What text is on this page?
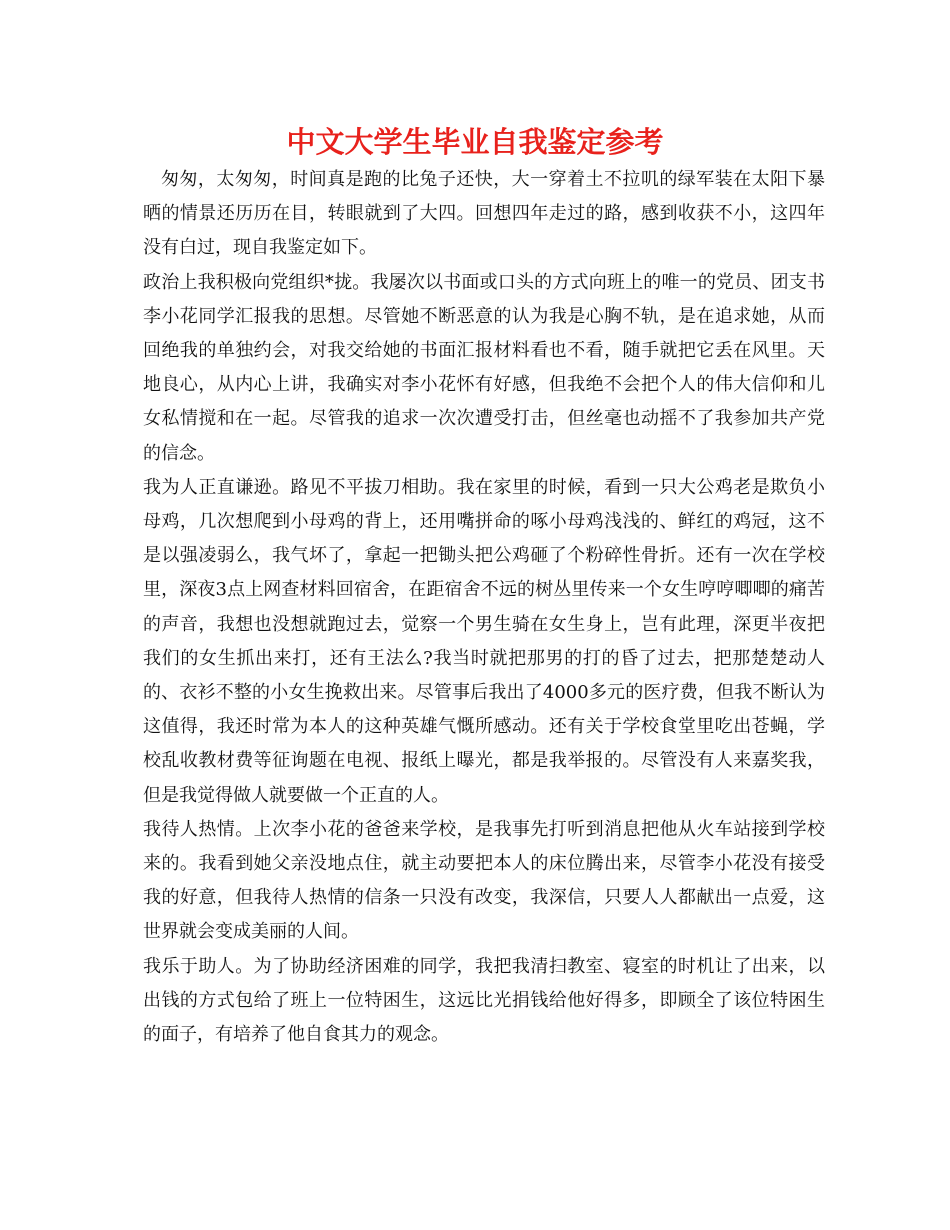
中文大学生毕业自我鉴定参考

匆匆，太匆匆，时间真是跑的比兔子还快，大一穿着土不拉叽的绿军装在太阳下暴晒的情景还历历在目，转眼就到了大四。回想四年走过的路，感到收获不小，这四年没有白过，现自我鉴定如下。

政治上我积极向党组织*拢。我屡次以书面或口头的方式向班上的唯一的党员、团支书李小花同学汇报我的思想。尽管她不断恶意的认为我是心胸不轨，是在追求她，从而回绝我的单独约会，对我交给她的书面汇报材料看也不看，随手就把它丢在风里。天地良心，从内心上讲，我确实对李小花怀有好感，但我绝不会把个人的伟大信仰和儿女私情搅和在一起。尽管我的追求一次次遭受打击，但丝毫也动摇不了我参加共产党的信念。

我为人正直谦逊。路见不平拔刀相助。我在家里的时候，看到一只大公鸡老是欺负小母鸡，几次想爬到小母鸡的背上，还用嘴拼命的啄小母鸡浅浅的、鲜红的鸡冠，这不是以强凌弱么，我气坏了，拿起一把锄头把公鸡砸了个粉碎性骨折。还有一次在学校里，深夜3点上网查材料回宿舍，在距宿舍不远的树丛里传来一个女生哼哼唧唧的痛苦的声音，我想也没想就跑过去，觉察一个男生骑在女生身上，岂有此理，深更半夜把我们的女生抓出来打，还有王法么?我当时就把那男的打的昏了过去，把那楚楚动人的、衣衫不整的小女生挽救出来。尽管事后我出了4000多元的医疗费，但我不断认为这值得，我还时常为本人的这种英雄气慨所感动。还有关于学校食堂里吃出苍蝇，学校乱收教材费等征询题在电视、报纸上曝光，都是我举报的。尽管没有人来嘉奖我，但是我觉得做人就要做一个正直的人。

我待人热情。上次李小花的爸爸来学校，是我事先打听到消息把他从火车站接到学校来的。我看到她父亲没地点住，就主动要把本人的床位腾出来，尽管李小花没有接受我的好意，但我待人热情的信条一只没有改变，我深信，只要人人都献出一点爱，这世界就会变成美丽的人间。

我乐于助人。为了协助经济困难的同学，我把我清扫教室、寝室的时机让了出来，以出钱的方式包给了班上一位特困生，这远比光捐钱给他好得多，即顾全了该位特困生的面子，有培养了他自食其力的观念。
